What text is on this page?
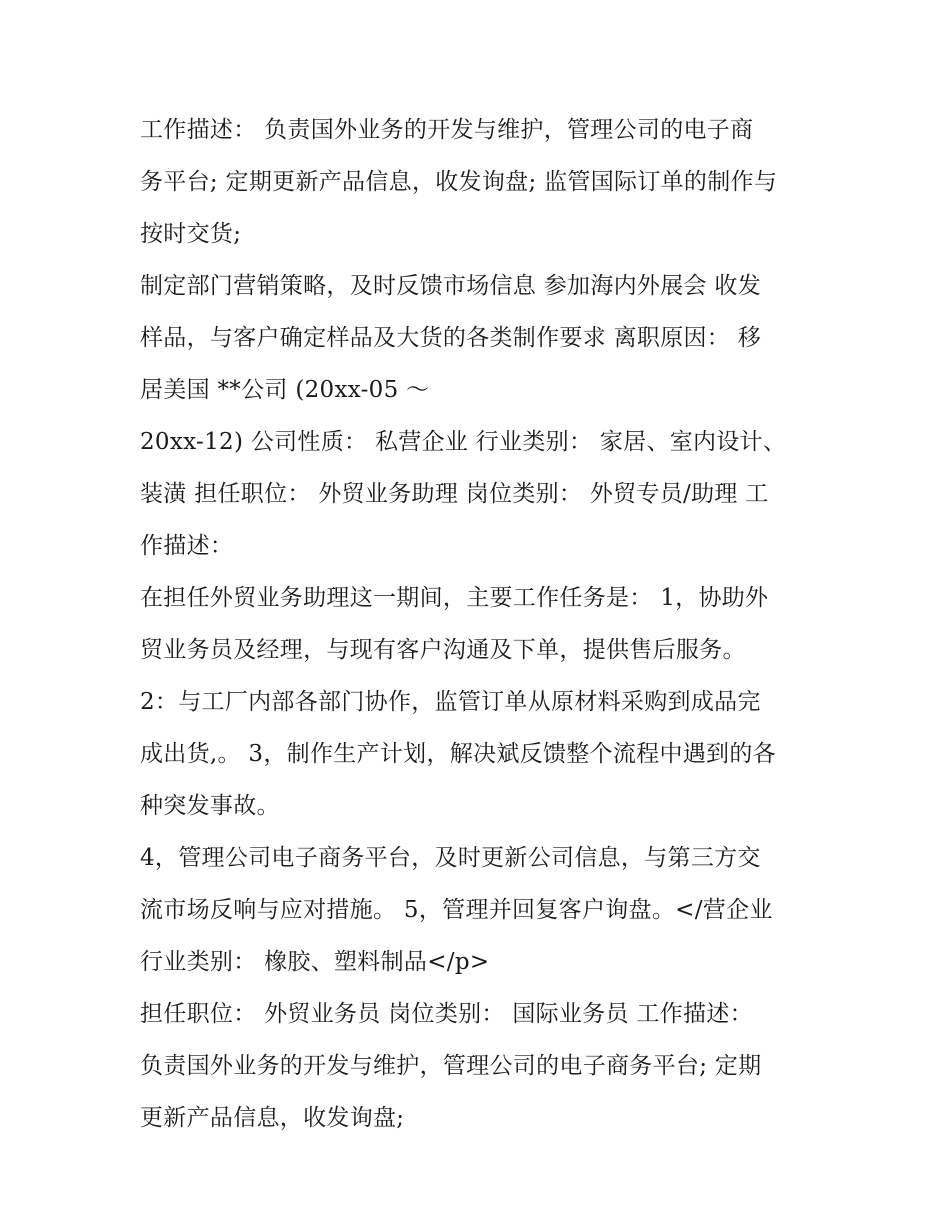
工作描述： 负责国外业务的开发与维护，管理公司的电子商
务平台; 定期更新产品信息，收发询盘; 监管国际订单的制作与
按时交货;
制定部门营销策略，及时反馈市场信息 参加海内外展会 收发
样品，与客户确定样品及大货的各类制作要求 离职原因： 移
居美国 **公司 (20xx-05 ～
20xx-12) 公司性质： 私营企业 行业类别： 家居、室内设计、
装潢 担任职位： 外贸业务助理 岗位类别： 外贸专员/助理 工
作描述：
在担任外贸业务助理这一期间，主要工作任务是： 1，协助外
贸业务员及经理，与现有客户沟通及下单，提供售后服务。
2：与工厂内部各部门协作，监管订单从原材料采购到成品完
成出货,。 3，制作生产计划，解决斌反馈整个流程中遇到的各
种突发事故。
4，管理公司电子商务平台，及时更新公司信息，与第三方交
流市场反响与应对措施。 5，管理并回复客户询盘。</营企业
行业类别： 橡胶、塑料制品</p>
担任职位： 外贸业务员 岗位类别： 国际业务员 工作描述：
负责国外业务的开发与维护，管理公司的电子商务平台; 定期
更新产品信息，收发询盘;
